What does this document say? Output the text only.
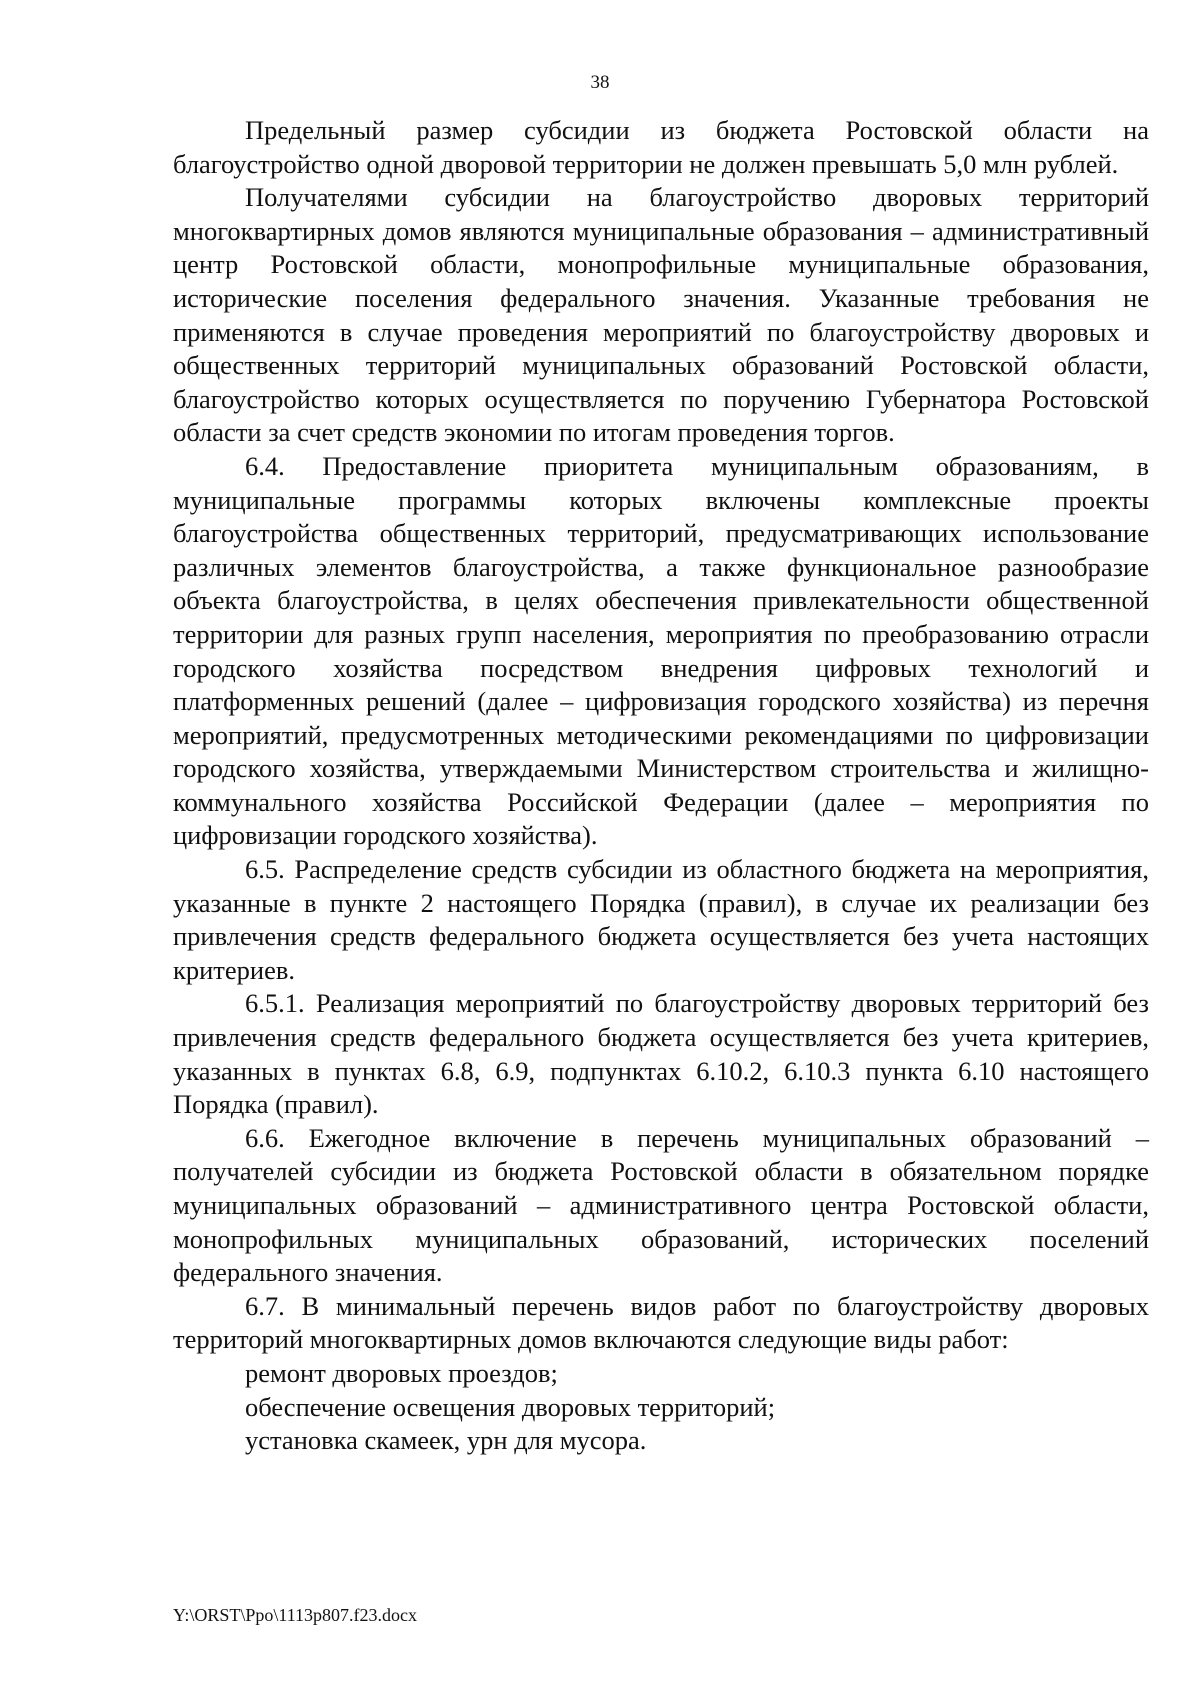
38

Предельный размер субсидии из бюджета Ростовской области на благоустройство одной дворовой территории не должен превышать 5,0 млн рублей.

Получателями субсидии на благоустройство дворовых территорий многоквартирных домов являются муниципальные образования – административный центр Ростовской области, монопрофильные муниципальные образования, исторические поселения федерального значения. Указанные требования не применяются в случае проведения мероприятий по благоустройству дворовых и общественных территорий муниципальных образований Ростовской области, благоустройство которых осуществляется по поручению Губернатора Ростовской области за счет средств экономии по итогам проведения торгов.

6.4. Предоставление приоритета муниципальным образованиям, в муниципальные программы которых включены комплексные проекты благоустройства общественных территорий, предусматривающих использование различных элементов благоустройства, а также функциональное разнообразие объекта благоустройства, в целях обеспечения привлекательности общественной территории для разных групп населения, мероприятия по преобразованию отрасли городского хозяйства посредством внедрения цифровых технологий и платформенных решений (далее – цифровизация городского хозяйства) из перечня мероприятий, предусмотренных методическими рекомендациями по цифровизации городского хозяйства, утверждаемыми Министерством строительства и жилищно-коммунального хозяйства Российской Федерации (далее – мероприятия по цифровизации городского хозяйства).

6.5. Распределение средств субсидии из областного бюджета на мероприятия, указанные в пункте 2 настоящего Порядка (правил), в случае их реализации без привлечения средств федерального бюджета осуществляется без учета настоящих критериев.

6.5.1. Реализация мероприятий по благоустройству дворовых территорий без привлечения средств федерального бюджета осуществляется без учета критериев, указанных в пунктах 6.8, 6.9, подпунктах 6.10.2, 6.10.3 пункта 6.10 настоящего Порядка (правил).

6.6. Ежегодное включение в перечень муниципальных образований – получателей субсидии из бюджета Ростовской области в обязательном порядке муниципальных образований – административного центра Ростовской области, монопрофильных муниципальных образований, исторических поселений федерального значения.

6.7. В минимальный перечень видов работ по благоустройству дворовых территорий многоквартирных домов включаются следующие виды работ:

ремонт дворовых проездов;

обеспечение освещения дворовых территорий;

установка скамеек, урн для мусора.

Y:\ORST\Ppo\1113p807.f23.docx
